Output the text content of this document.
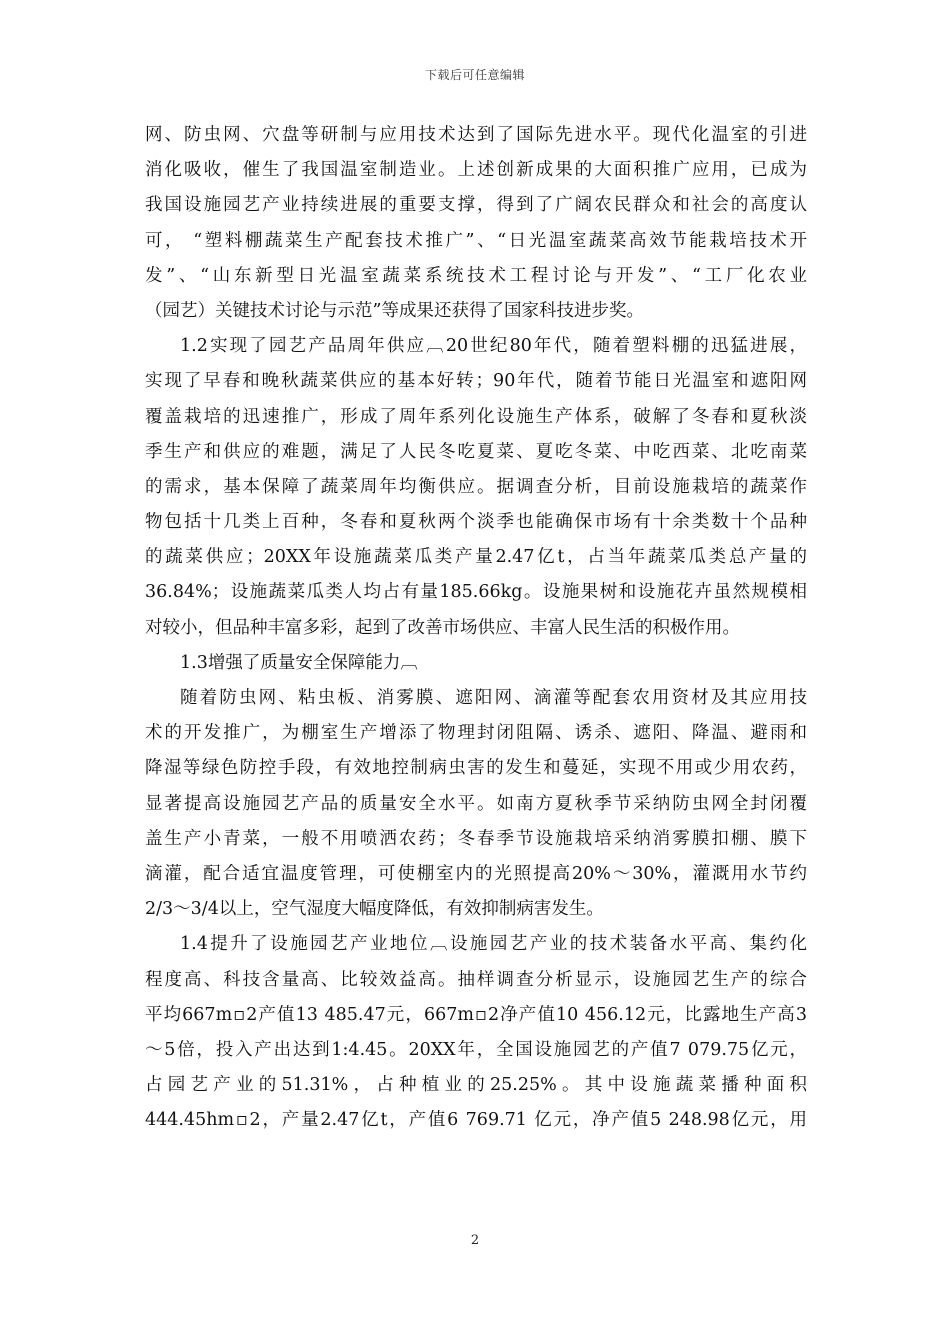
下载后可任意编辑
网、防虫网、穴盘等研制与应用技术达到了国际先进水平。现代化温室的引进
消化吸收，催生了我国温室制造业。上述创新成果的大面积推广应用，已成为
我国设施园艺产业持续进展的重要支撑，得到了广阔农民群众和社会的高度认
可， “塑料棚蔬菜生产配套技术推广”、“日光温室蔬菜高效节能栽培技术开
发”、“山东新型日光温室蔬菜系统技术工程讨论与开发”、“工厂化农业
（园艺）关键技术讨论与示范”等成果还获得了国家科技进步奖。
1.2实现了园艺产品周年供应︹20世纪80年代，随着塑料棚的迅猛进展，
实现了早春和晚秋蔬菜供应的基本好转；90年代，随着节能日光温室和遮阳网
覆盖栽培的迅速推广，形成了周年系列化设施生产体系，破解了冬春和夏秋淡
季生产和供应的难题，满足了人民冬吃夏菜、夏吃冬菜、中吃西菜、北吃南菜
的需求，基本保障了蔬菜周年均衡供应。据调查分析，目前设施栽培的蔬菜作
物包括十几类上百种，冬春和夏秋两个淡季也能确保市场有十余类数十个品种
的蔬菜供应；20XX年设施蔬菜瓜类产量2.47亿t，占当年蔬菜瓜类总产量的
36.84%；设施蔬菜瓜类人均占有量185.66kg。设施果树和设施花卉虽然规模相
对较小，但品种丰富多彩，起到了改善市场供应、丰富人民生活的积极作用。
1.3增强了质量安全保障能力︹
随着防虫网、粘虫板、消雾膜、遮阳网、滴灌等配套农用资材及其应用技
术的开发推广，为棚室生产增添了物理封闭阻隔、诱杀、遮阳、降温、避雨和
降湿等绿色防控手段，有效地控制病虫害的发生和蔓延，实现不用或少用农药，
显著提高设施园艺产品的质量安全水平。如南方夏秋季节采纳防虫网全封闭覆
盖生产小青菜，一般不用喷洒农药；冬春季节设施栽培采纳消雾膜扣棚、膜下
滴灌，配合适宜温度管理，可使棚室内的光照提高20%～30%，灌溉用水节约
2/3～3/4以上，空气湿度大幅度降低，有效抑制病害发生。
1.4提升了设施园艺产业地位︹设施园艺产业的技术装备水平高、集约化
程度高、科技含量高、比较效益高。抽样调查分析显示，设施园艺生产的综合
平均667m▫2产值13 485.47元，667m▫2净产值10 456.12元，比露地生产高3
～5倍，投入产出达到1:4.45。20XX年，全国设施园艺的产值7 079.75亿元，
占园艺产业的51.31%，占种植业的25.25%。其中设施蔬菜播种面积
444.45hm▫2，产量2.47亿t，产值6 769.71 亿元，净产值5 248.98亿元，用
2
